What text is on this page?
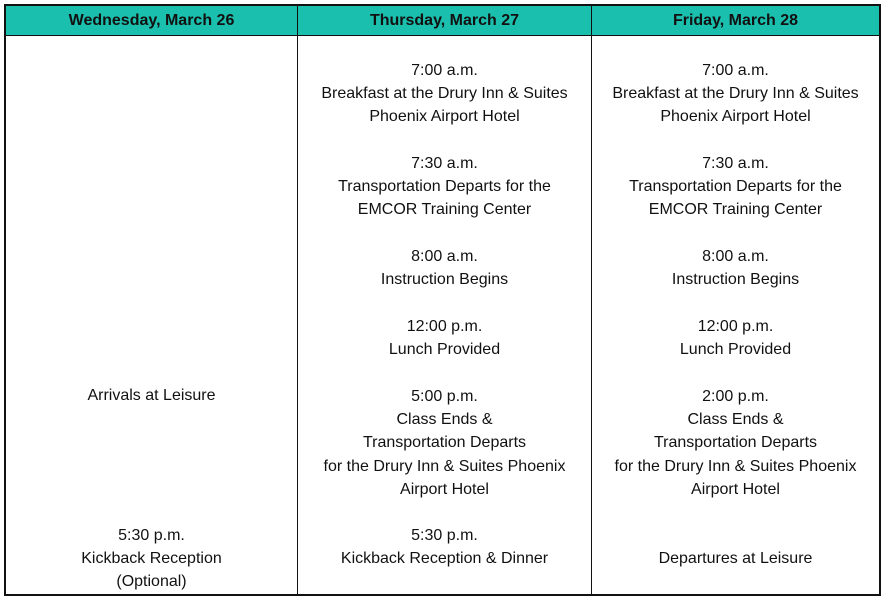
Wednesday, March 26	Thursday, March 27	Friday, March 28
Arrivals at Leisure
5:30 p.m.
Kickback Reception
(Optional)
7:00 a.m.
Breakfast at the Drury Inn & Suites
Phoenix Airport Hotel
7:30 a.m.
Transportation Departs for the
EMCOR Training Center
8:00 a.m.
Instruction Begins
12:00 p.m.
Lunch Provided
5:00 p.m.
Class Ends &
Transportation Departs
for the Drury Inn & Suites Phoenix
Airport Hotel
5:30 p.m.
Kickback Reception & Dinner
7:00 a.m.
Breakfast at the Drury Inn & Suites
Phoenix Airport Hotel
7:30 a.m.
Transportation Departs for the
EMCOR Training Center
8:00 a.m.
Instruction Begins
12:00 p.m.
Lunch Provided
2:00 p.m.
Class Ends &
Transportation Departs
for the Drury Inn & Suites Phoenix
Airport Hotel
Departures at Leisure
